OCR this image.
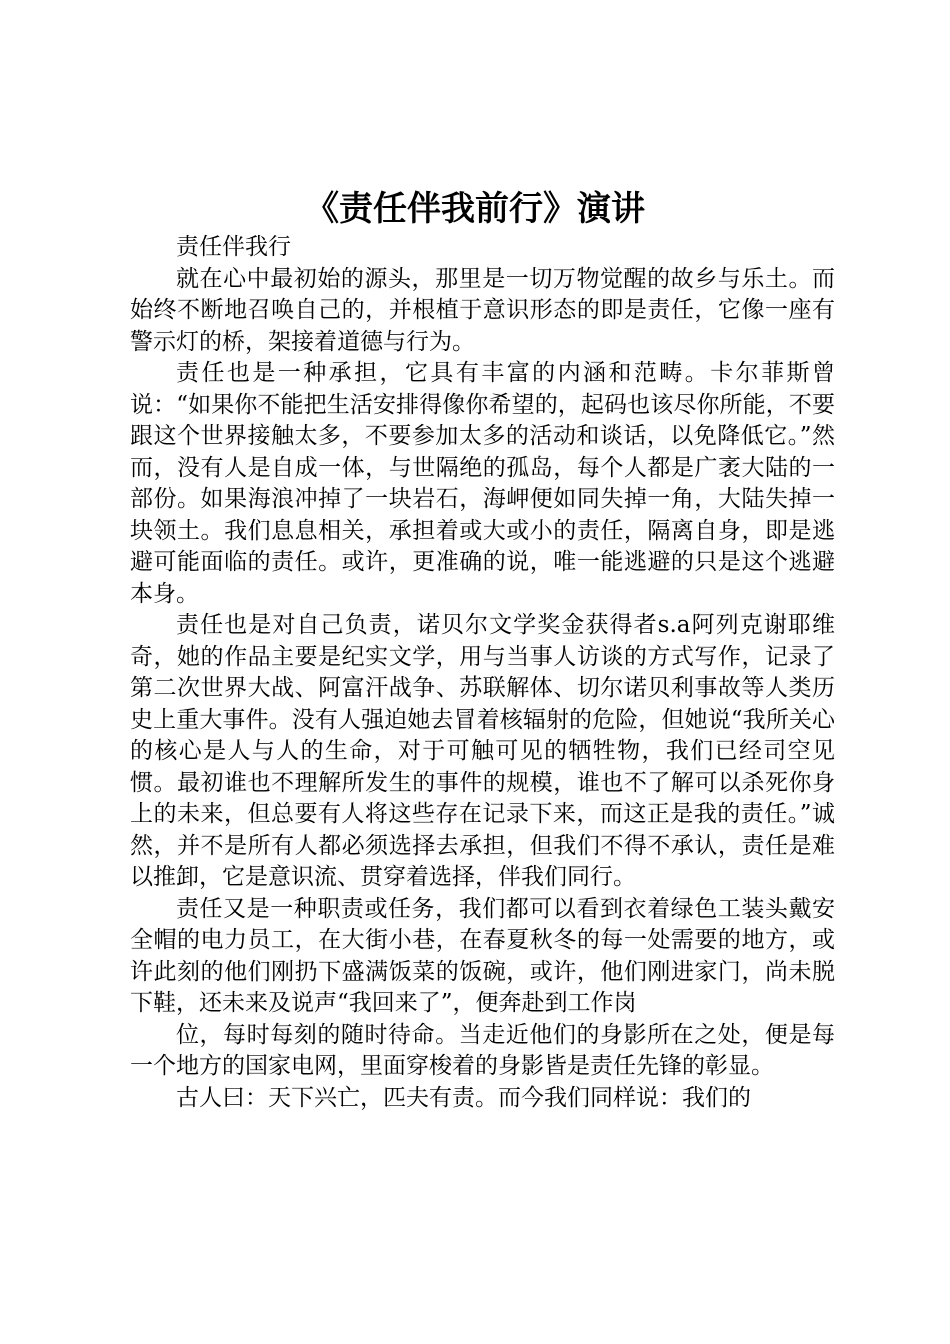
《责任伴我前行》演讲

责任伴我行

就在心中最初始的源头，那里是一切万物觉醒的故乡与乐土。而始终不断地召唤自己的，并根植于意识形态的即是责任，它像一座有警示灯的桥，架接着道德与行为。

责任也是一种承担，它具有丰富的内涵和范畴。卡尔菲斯曾说：“如果你不能把生活安排得像你希望的，起码也该尽你所能，不要跟这个世界接触太多，不要参加太多的活动和谈话，以免降低它。”然而，没有人是自成一体，与世隔绝的孤岛，每个人都是广袤大陆的一部份。如果海浪冲掉了一块岩石，海岬便如同失掉一角，大陆失掉一块领土。我们息息相关，承担着或大或小的责任，隔离自身，即是逃避可能面临的责任。或许，更准确的说，唯一能逃避的只是这个逃避本身。

责任也是对自己负责，诺贝尔文学奖金获得者s.a阿列克谢耶维奇，她的作品主要是纪实文学，用与当事人访谈的方式写作，记录了第二次世界大战、阿富汗战争、苏联解体、切尔诺贝利事故等人类历史上重大事件。没有人强迫她去冒着核辐射的危险，但她说“我所关心的核心是人与人的生命，对于可触可见的牺牲物，我们已经司空见惯。最初谁也不理解所发生的事件的规模，谁也不了解可以杀死你身上的未来，但总要有人将这些存在记录下来，而这正是我的责任。”诚然，并不是所有人都必须选择去承担，但我们不得不承认，责任是难以推卸，它是意识流、贯穿着选择，伴我们同行。

责任又是一种职责或任务，我们都可以看到衣着绿色工装头戴安全帽的电力员工，在大街小巷，在春夏秋冬的每一处需要的地方，或许此刻的他们刚扔下盛满饭菜的饭碗，或许，他们刚进家门，尚未脱下鞋，还未来及说声“我回来了”，便奔赴到工作岗

位，每时每刻的随时待命。当走近他们的身影所在之处，便是每一个地方的国家电网，里面穿梭着的身影皆是责任先锋的彰显。

古人曰：天下兴亡，匹夫有责。而今我们同样说：我们的
